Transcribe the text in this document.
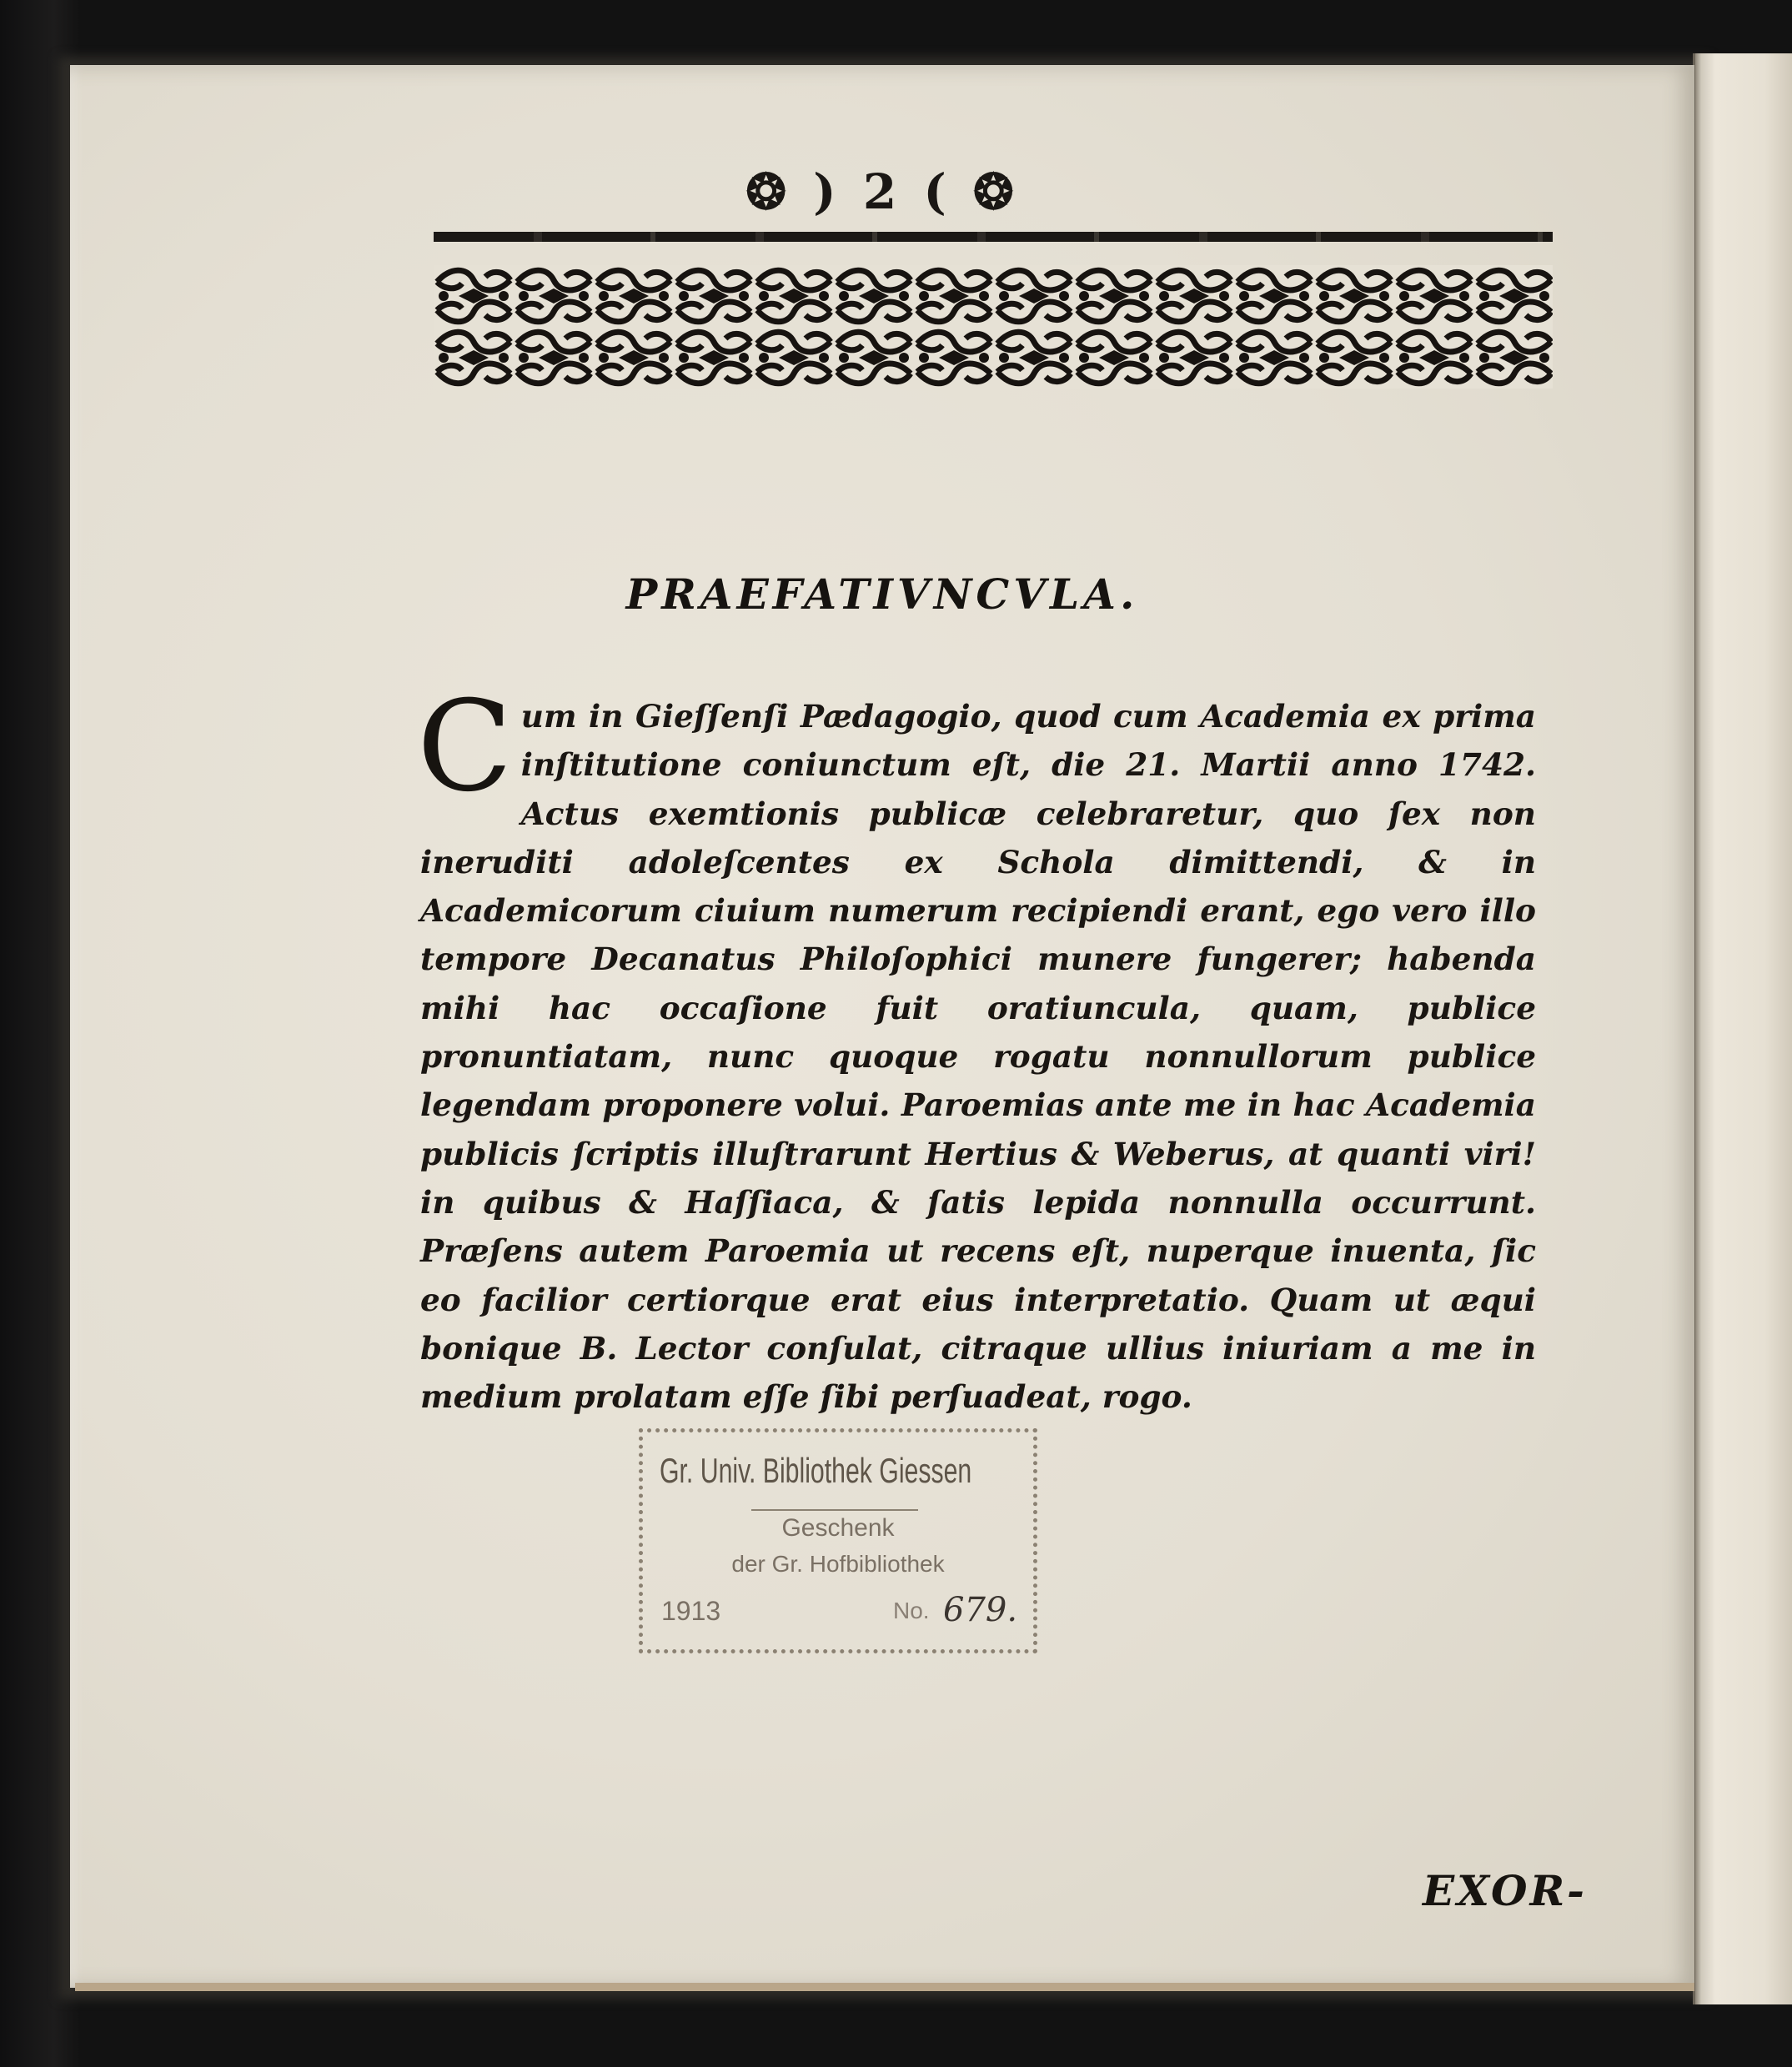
❂ ) 2 ( ❂

PRAEFATIVNCVLA.

C um in Gieſſenſi Pædagogio, quod cum Academia ex prima inſtitutione coniunctum eſt, die 21. Martii anno 1742. Actus exemtionis publicæ celebraretur, quo ſex non ineruditi adoleſcentes ex Schola dimittendi, & in Academicorum ciuium numerum recipiendi erant, ego vero illo tempore Decanatus Philoſophici munere fungerer; habenda mihi hac occaſione fuit oratiuncula, quam, publice pronuntiatam, nunc quoque rogatu nonnullorum publice legendam proponere volui. Paroemias ante me in hac Academia publicis ſcriptis illuſtrarunt Hertius & Weberus, at quanti viri! in quibus & Haſſiaca, & ſatis lepida nonnulla occurrunt. Præſens autem Paroemia ut recens eſt, nuperque inuenta, ſic eo facilior certiorque erat eius interpretatio. Quam ut æqui bonique B. Lector conſulat, citraque ullius iniuriam a me in medium prolatam eſſe ſibi perſuadeat, rogo.

Gr. Univ. Bibliothek Giessen

Geschenk

der Gr. Hofbibliothek

1913	No. 679.

EXOR-
